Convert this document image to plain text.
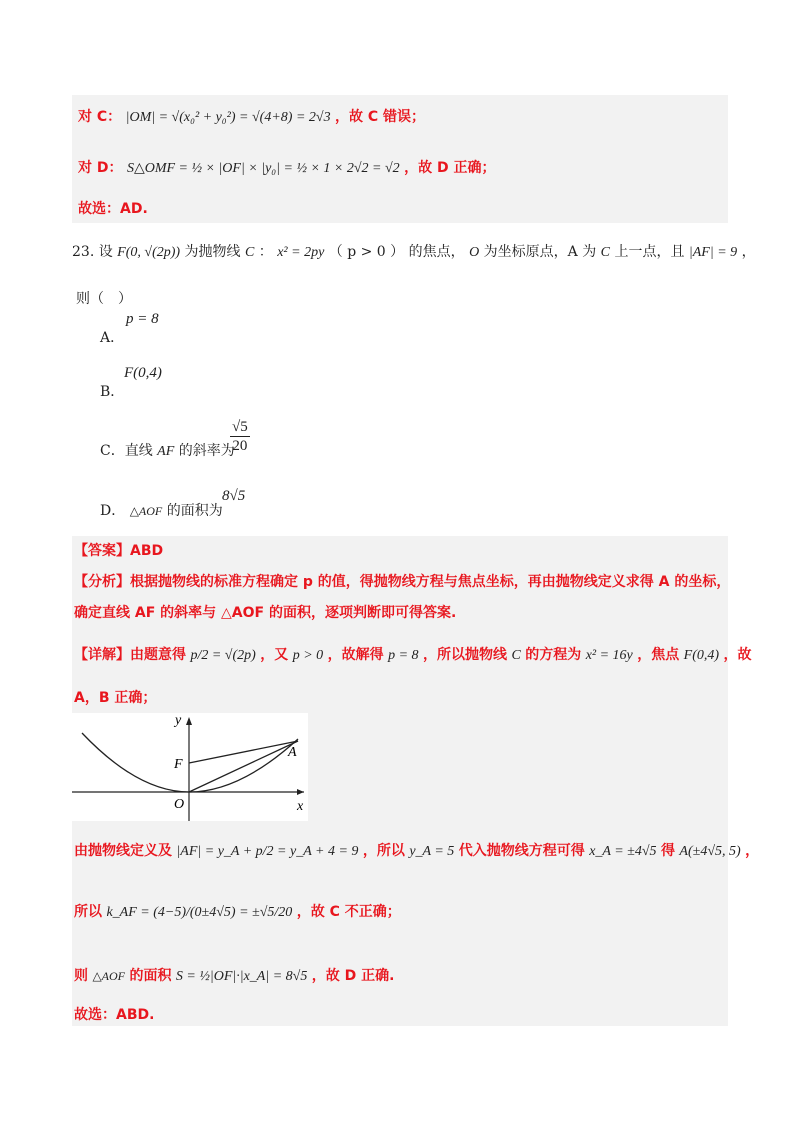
对 C： |OM| = √(x₀² + y₀²) = √(4+8) = 2√3 ，故 C 错误；
对 D： S△OMF = ½ × |OF| × |y₀| = ½ × 1 × 2√2 = √2 ，故 D 正确；
故选：AD.
23. 设 F(0, √(2p)) 为抛物线 C ： x² = 2py （ p > 0 ） 的焦点， O 为坐标原点，A 为 C 上一点，且 |AF| = 9 ，
则（　）
A．
p = 8
B．
F(0,4)
C．直线 AF 的斜率为
$\frac{√5}{20}$
D． △AOF 的面积为
8√5
【答案】ABD
【分析】根据抛物线的标准方程确定 p 的值，得抛物线方程与焦点坐标，再由抛物线定义求得 A 的坐标，
确定直线 AF 的斜率与 △AOF 的面积，逐项判断即可得答案.
【详解】由题意得 p/2 = √(2p) ，又 p > 0 ，故解得 p = 8 ，所以抛物线 C 的方程为 x² = 16y ，焦点 F(0,4) ，故
A，B 正确；
y
x
F
A
O
由抛物线定义及 |AF| = y_A + p/2 = y_A + 4 = 9 ，所以 y_A = 5 代入抛物线方程可得 x_A = ±4√5 得 A(±4√5, 5) ，
所以 k_AF = (4−5)/(0±4√5) = ±√5/20 ，故 C 不正确；
则 △AOF 的面积 S = ½|OF|·|x_A| = 8√5 ，故 D 正确.
故选：ABD.
